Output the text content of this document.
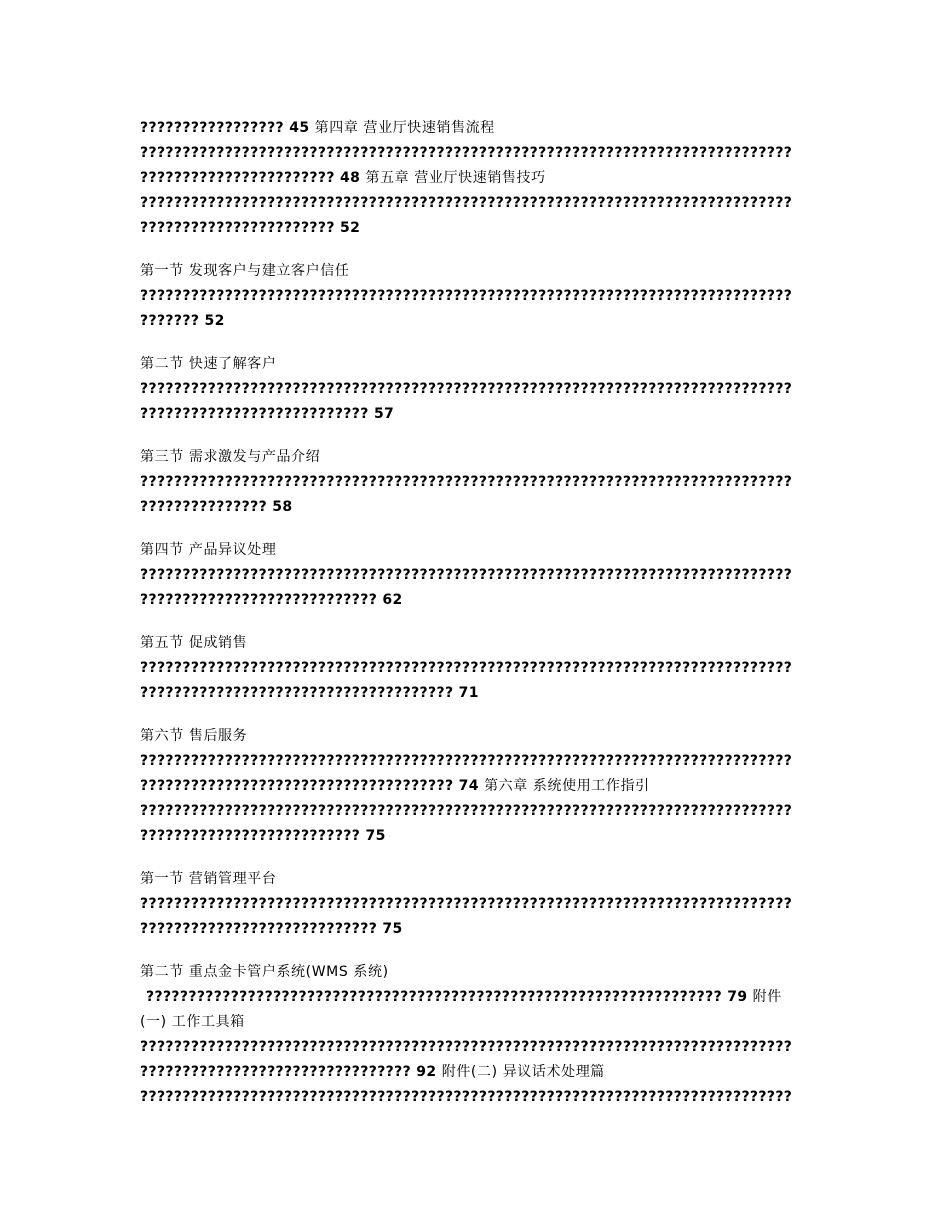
????????????????? 45 第四章 营业厅快速销售流程
?????????????????????????????????????????????????????????????????????????????
??????????????????????? 48 第五章 营业厅快速销售技巧
?????????????????????????????????????????????????????????????????????????????
??????????????????????? 52
第一节 发现客户与建立客户信任
?????????????????????????????????????????????????????????????????????????????
??????? 52
第二节 快速了解客户
?????????????????????????????????????????????????????????????????????????????
??????????????????????????? 57
第三节 需求激发与产品介绍
?????????????????????????????????????????????????????????????????????????????
??????????????? 58
第四节 产品异议处理
?????????????????????????????????????????????????????????????????????????????
???????????????????????????? 62
第五节 促成销售
?????????????????????????????????????????????????????????????????????????????
????????????????????????????????????? 71
第六节 售后服务
?????????????????????????????????????????????????????????????????????????????
????????????????????????????????????? 74 第六章 系统使用工作指引
?????????????????????????????????????????????????????????????????????????????
?????????????????????????? 75
第一节 营销管理平台
?????????????????????????????????????????????????????????????????????????????
???????????????????????????? 75
第二节 重点金卡管户系统(WMS 系统)
???????????????????????????????????????????????????????????????????? 79 附件
(一) 工作工具箱
?????????????????????????????????????????????????????????????????????????????
???????????????????????????????? 92 附件(二) 异议话术处理篇
?????????????????????????????????????????????????????????????????????????????
